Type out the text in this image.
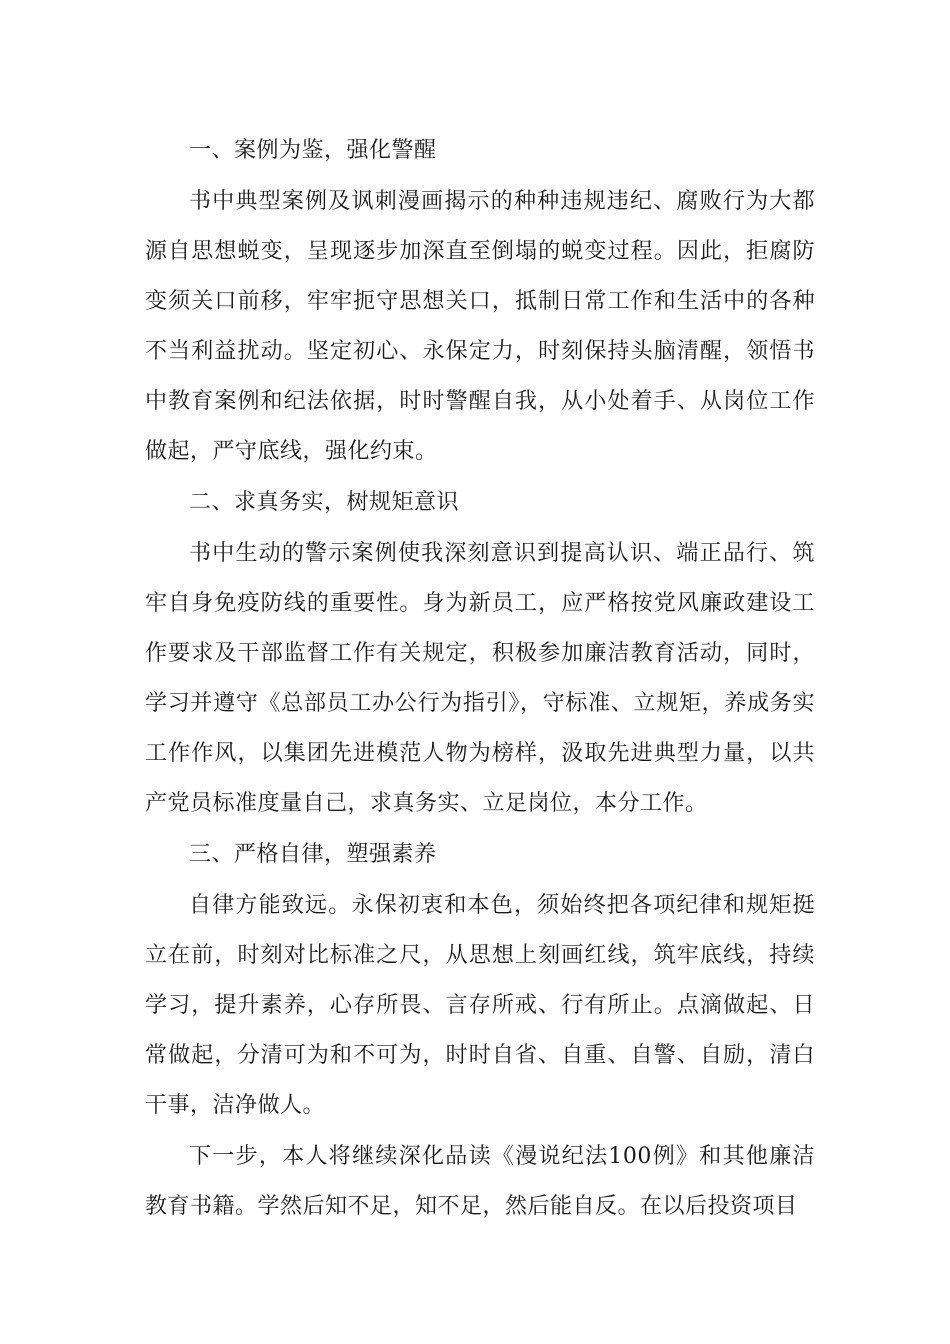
一、案例为鉴，强化警醒

书中典型案例及讽刺漫画揭示的种种违规违纪、腐败行为大都源自思想蜕变，呈现逐步加深直至倒塌的蜕变过程。因此，拒腐防变须关口前移，牢牢扼守思想关口，抵制日常工作和生活中的各种不当利益扰动。坚定初心、永保定力，时刻保持头脑清醒，领悟书中教育案例和纪法依据，时时警醒自我，从小处着手、从岗位工作做起，严守底线，强化约束。

二、求真务实，树规矩意识

书中生动的警示案例使我深刻意识到提高认识、端正品行、筑牢自身免疫防线的重要性。身为新员工，应严格按党风廉政建设工作要求及干部监督工作有关规定，积极参加廉洁教育活动，同时，学习并遵守《总部员工办公行为指引》，守标准、立规矩，养成务实工作作风，以集团先进模范人物为榜样，汲取先进典型力量，以共产党员标准度量自己，求真务实、立足岗位，本分工作。

三、严格自律，塑强素养

自律方能致远。永保初衷和本色，须始终把各项纪律和规矩挺立在前，时刻对比标准之尺，从思想上刻画红线，筑牢底线，持续学习，提升素养，心存所畏、言存所戒、行有所止。点滴做起、日常做起，分清可为和不可为，时时自省、自重、自警、自励，清白干事，洁净做人。

下一步，本人将继续深化品读《漫说纪法100例》和其他廉洁教育书籍。学然后知不足，知不足，然后能自反。在以后投资项目
